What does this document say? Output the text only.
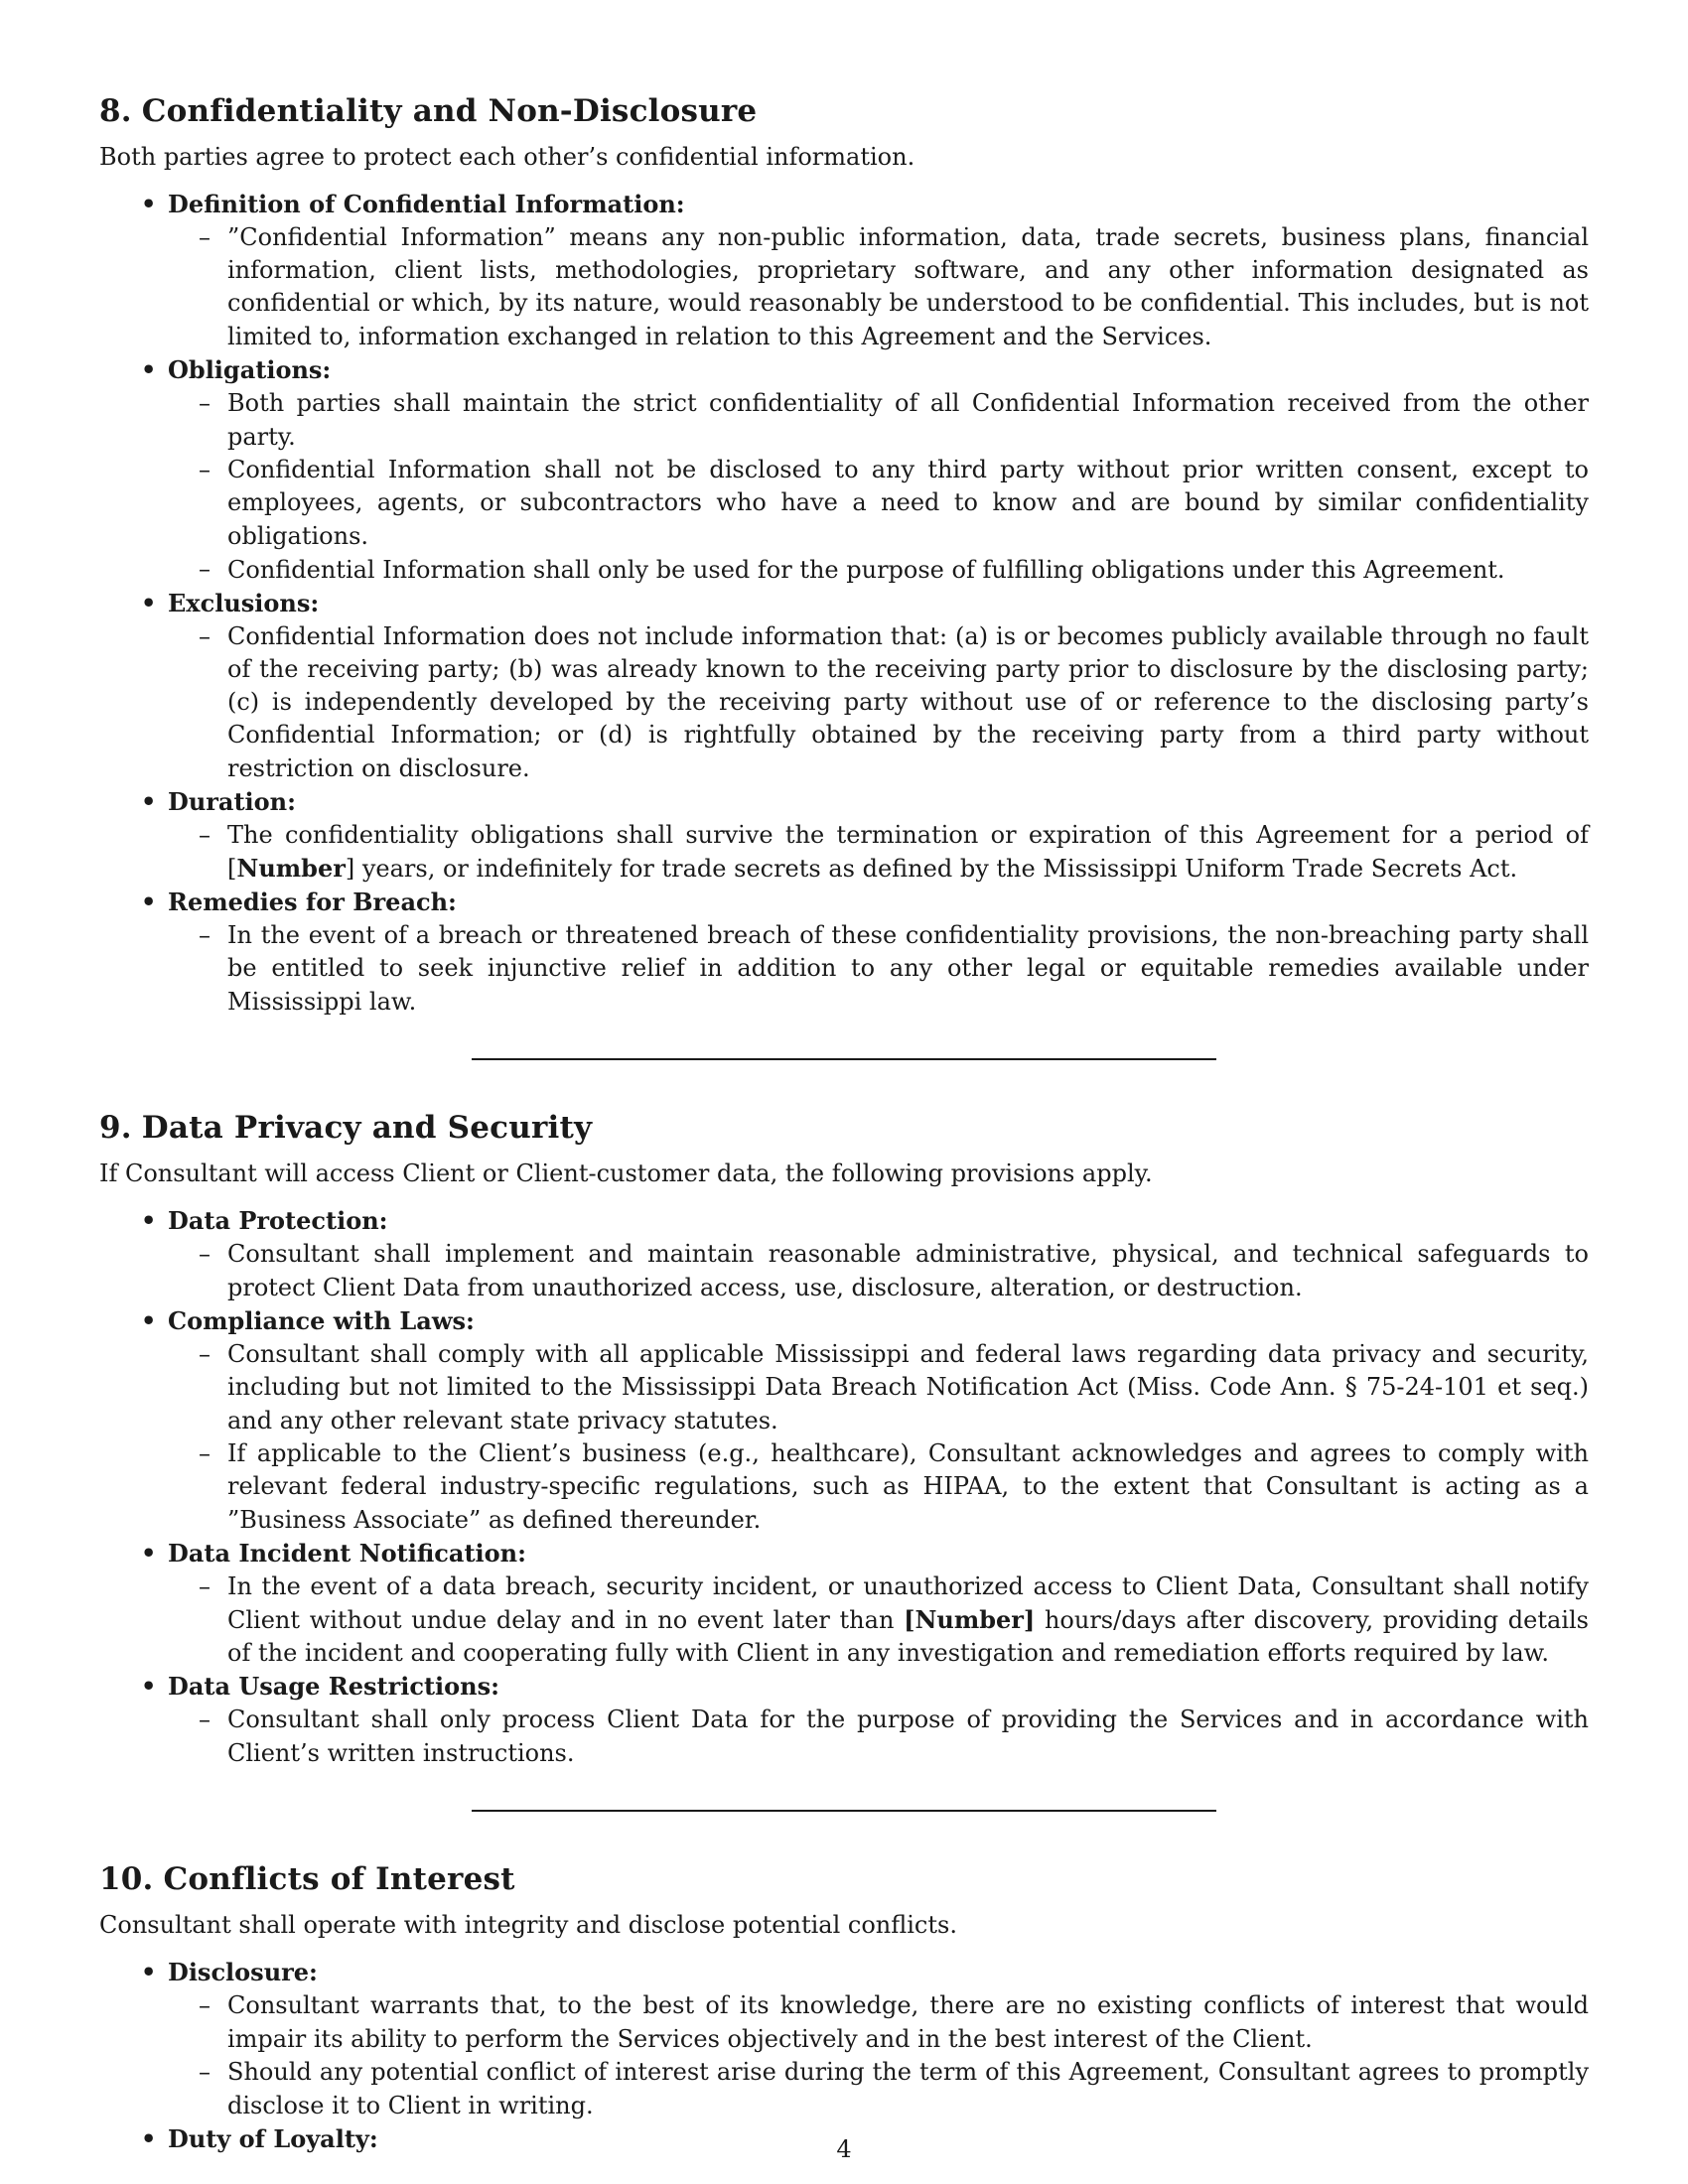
8. Confidentiality and Non-Disclosure

Both parties agree to protect each other’s confidential information.

• Definition of Confidential Information:
– ”Confidential Information” means any non-public information, data, trade secrets, business plans, financial information, client lists, methodologies, proprietary software, and any other information designated as confidential or which, by its nature, would reasonably be understood to be confidential. This includes, but is not limited to, information exchanged in relation to this Agreement and the Services.
• Obligations:
– Both parties shall maintain the strict confidentiality of all Confidential Information received from the other party.
– Confidential Information shall not be disclosed to any third party without prior written consent, except to employees, agents, or subcontractors who have a need to know and are bound by similar confidentiality obligations.
– Confidential Information shall only be used for the purpose of fulfilling obligations under this Agreement.
• Exclusions:
– Confidential Information does not include information that: (a) is or becomes publicly available through no fault of the receiving party; (b) was already known to the receiving party prior to disclosure by the disclosing party; (c) is independently developed by the receiving party without use of or reference to the disclosing party’s Confidential Information; or (d) is rightfully obtained by the receiving party from a third party without restriction on disclosure.
• Duration:
– The confidentiality obligations shall survive the termination or expiration of this Agreement for a period of [Number] years, or indefinitely for trade secrets as defined by the Mississippi Uniform Trade Secrets Act.
• Remedies for Breach:
– In the event of a breach or threatened breach of these confidentiality provisions, the non-breaching party shall be entitled to seek injunctive relief in addition to any other legal or equitable remedies available under Mississippi law.
9. Data Privacy and Security

If Consultant will access Client or Client-customer data, the following provisions apply.

• Data Protection:
– Consultant shall implement and maintain reasonable administrative, physical, and technical safeguards to protect Client Data from unauthorized access, use, disclosure, alteration, or destruction.
• Compliance with Laws:
– Consultant shall comply with all applicable Mississippi and federal laws regarding data privacy and security, including but not limited to the Mississippi Data Breach Notification Act (Miss. Code Ann. § 75-24-101 et seq.) and any other relevant state privacy statutes.
– If applicable to the Client’s business (e.g., healthcare), Consultant acknowledges and agrees to comply with relevant federal industry-specific regulations, such as HIPAA, to the extent that Consultant is acting as a ”Business Associate” as defined thereunder.
• Data Incident Notification:
– In the event of a data breach, security incident, or unauthorized access to Client Data, Consultant shall notify Client without undue delay and in no event later than [Number] hours/days after discovery, providing details of the incident and cooperating fully with Client in any investigation and remediation efforts required by law.
• Data Usage Restrictions:
– Consultant shall only process Client Data for the purpose of providing the Services and in accordance with Client’s written instructions.
10. Conflicts of Interest

Consultant shall operate with integrity and disclose potential conflicts.

• Disclosure:
– Consultant warrants that, to the best of its knowledge, there are no existing conflicts of interest that would impair its ability to perform the Services objectively and in the best interest of the Client.
– Should any potential conflict of interest arise during the term of this Agreement, Consultant agrees to promptly disclose it to Client in writing.
• Duty of Loyalty:	4
